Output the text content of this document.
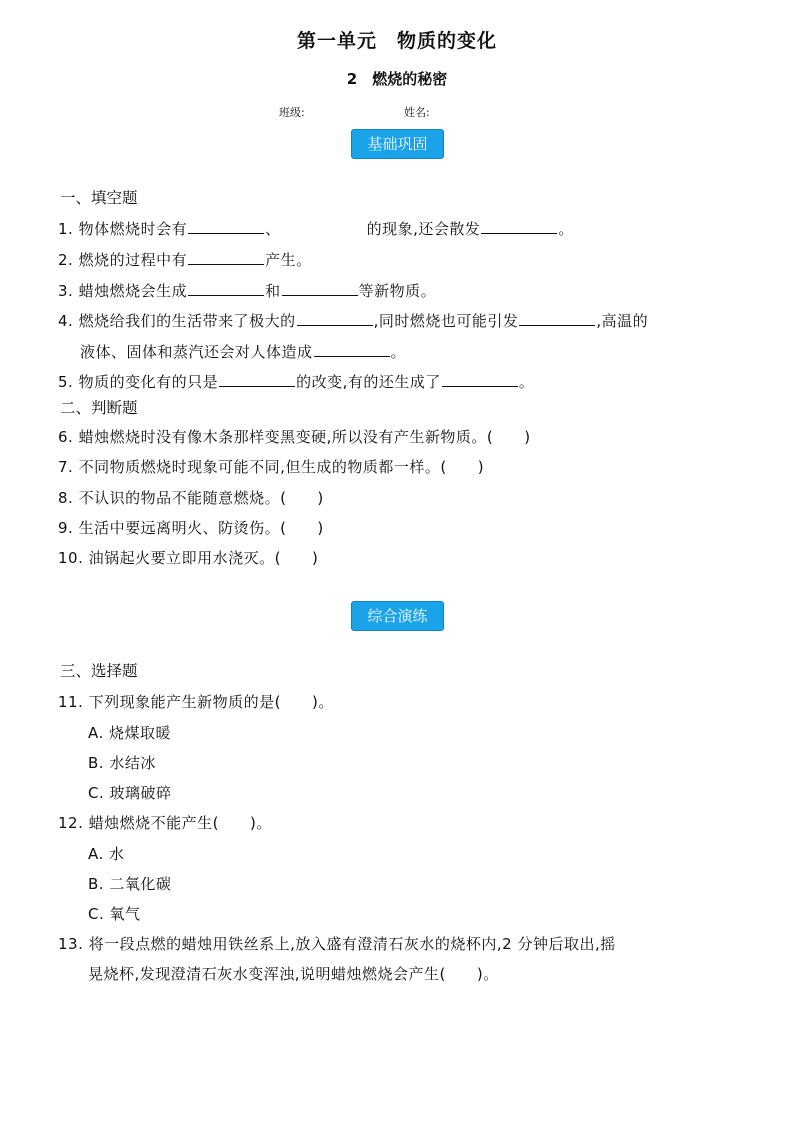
第一单元　物质的变化
2　燃烧的秘密
班级:	姓名:
基础巩固
一、填空题
1. 物体燃烧时会有	、	的现象,还会散发	。
2. 燃烧的过程中有	产生。
3. 蜡烛燃烧会生成	和	等新物质。
4. 燃烧给我们的生活带来了极大的	,同时燃烧也可能引发	,高温的
液体、固体和蒸汽还会对人体造成	。
5. 物质的变化有的只是	的改变,有的还生成了	。
二、判断题
6. 蜡烛燃烧时没有像木条那样变黑变硬,所以没有产生新物质。(　　)
7. 不同物质燃烧时现象可能不同,但生成的物质都一样。(　　)
8. 不认识的物品不能随意燃烧。(　　)
9. 生活中要远离明火、防烫伤。(　　)
10. 油锅起火要立即用水浇灭。(　　)
综合演练
三、选择题
11. 下列现象能产生新物质的是(　　)。
A. 烧煤取暖
B. 水结冰
C. 玻璃破碎
12. 蜡烛燃烧不能产生(　　)。
A. 水
B. 二氧化碳
C. 氧气
13. 将一段点燃的蜡烛用铁丝系上,放入盛有澄清石灰水的烧杯内,2 分钟后取出,摇
晃烧杯,发现澄清石灰水变浑浊,说明蜡烛燃烧会产生(　　)。
